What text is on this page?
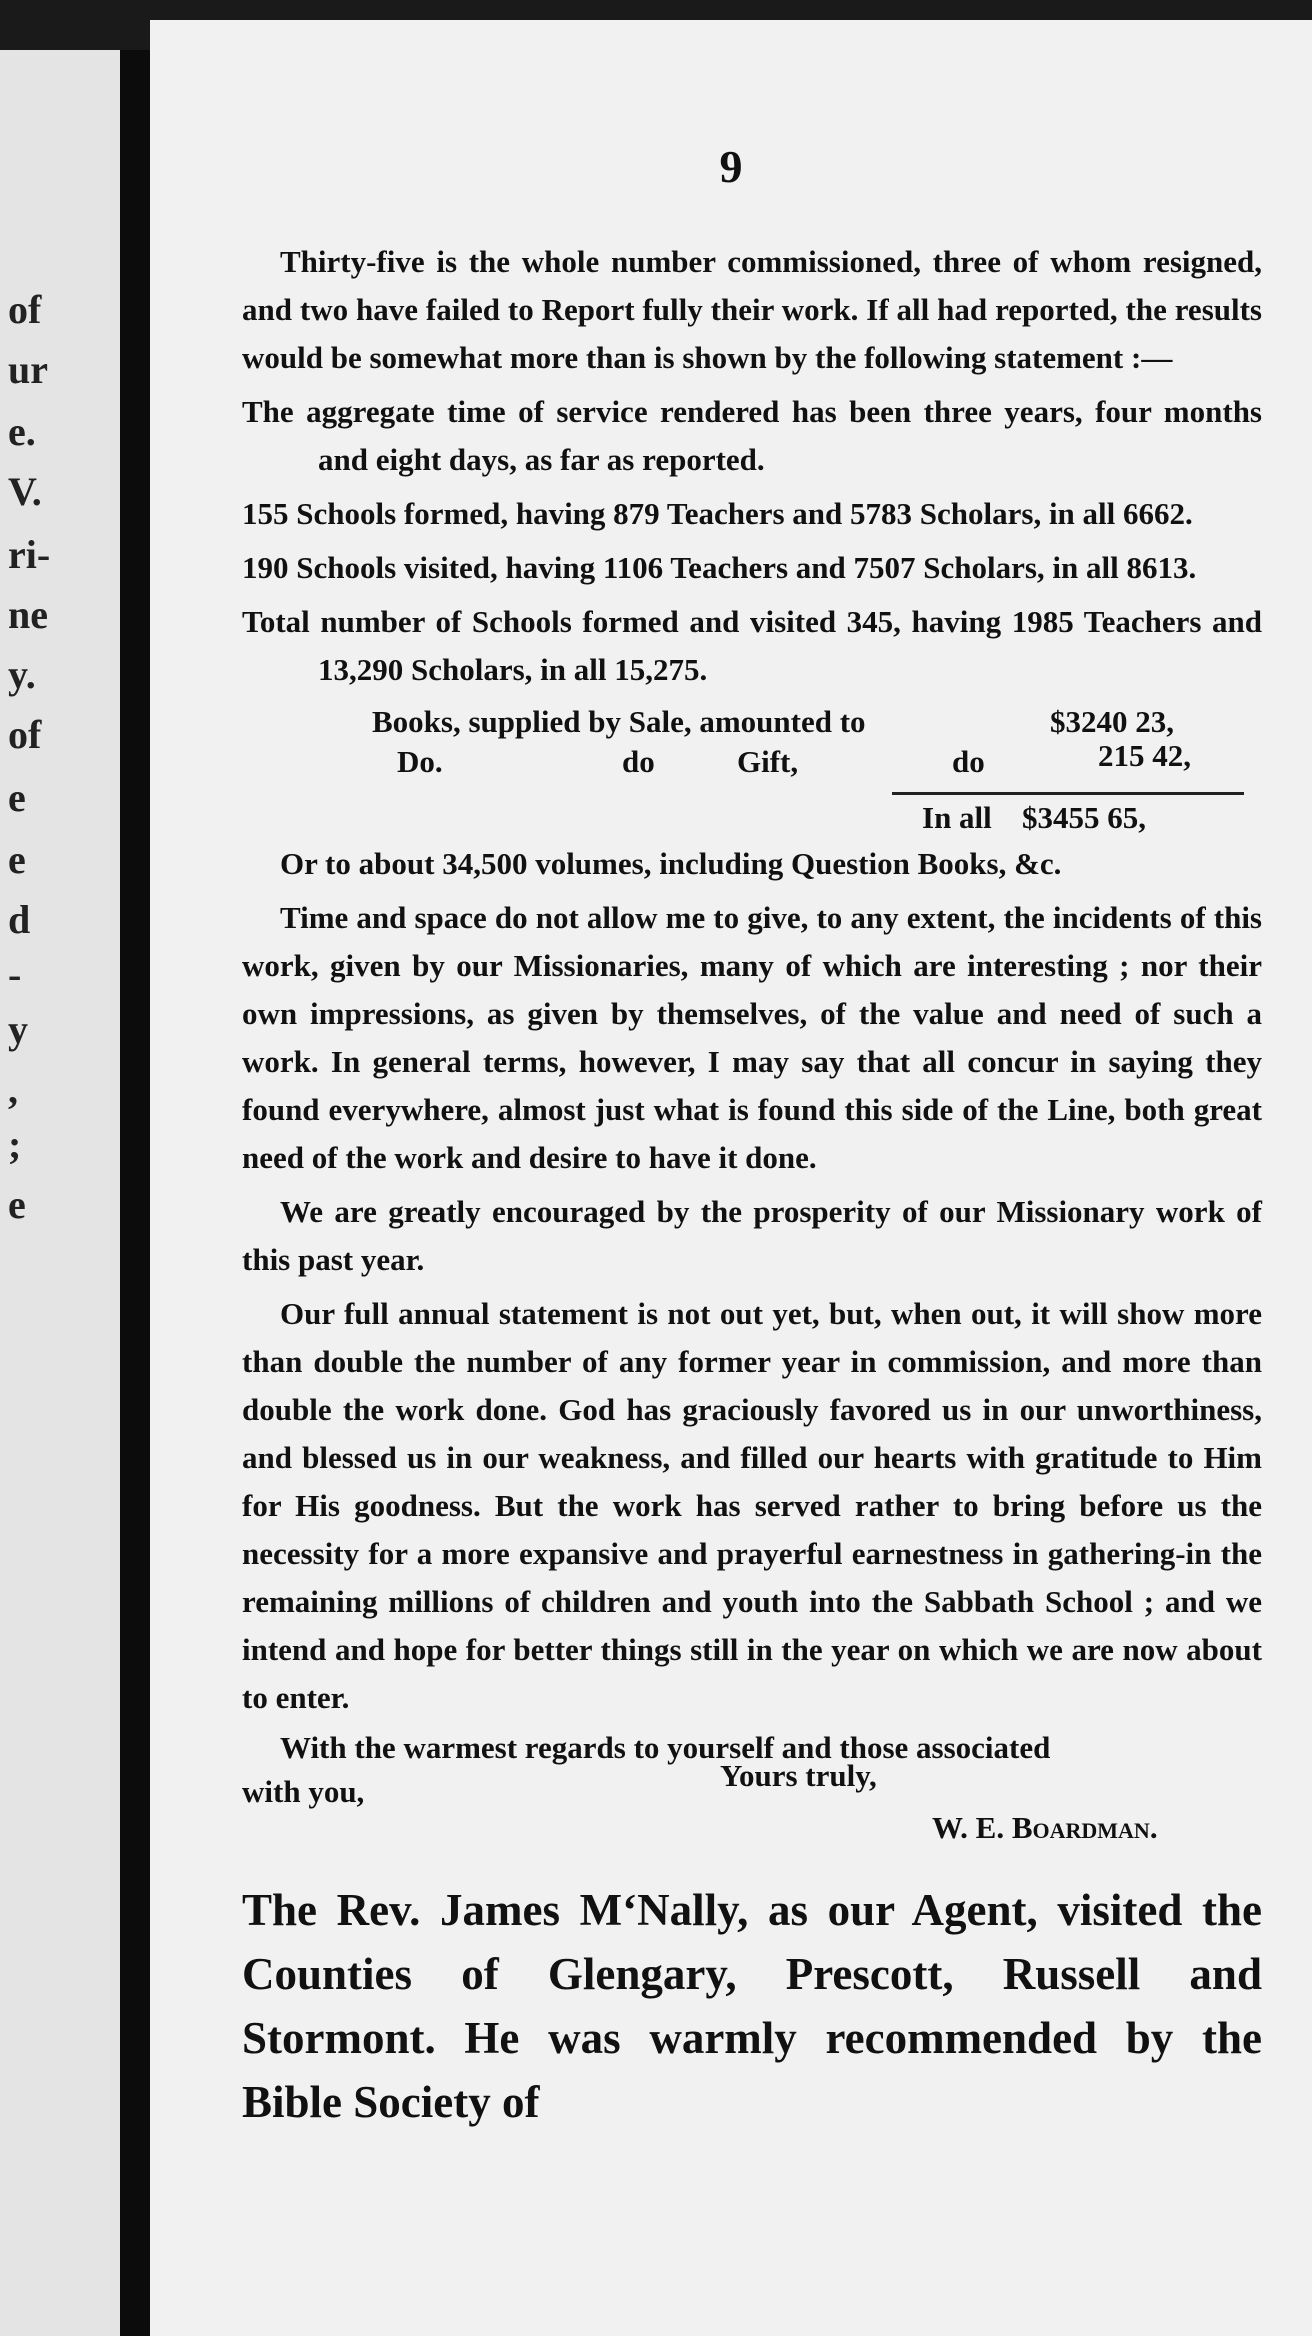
of
ur
e.
V.
ri-
ne
y.
of
e
e
d
-
y
,
;
e
9

Thirty-five is the whole number commissioned, three of whom resigned, and two have failed to Report fully their work. If all had reported, the results would be somewhat more than is shown by the following statement :—

The aggregate time of service rendered has been three years, four months and eight days, as far as reported.

155 Schools formed, having 879 Teachers and 5783 Scholars, in all 6662.

190 Schools visited, having 1106 Teachers and 7507 Scholars, in all 8613.

Total number of Schools formed and visited 345, having 1985 Teachers and 13,290 Scholars, in all 15,275.

Books, supplied by Sale, amounted to	$3240 23,
Do.	do	Gift,	do	215 42,
In all $3455 65,

Or to about 34,500 volumes, including Question Books, &c.

Time and space do not allow me to give, to any extent, the incidents of this work, given by our Missionaries, many of which are interesting ; nor their own impressions, as given by themselves, of the value and need of such a work. In general terms, however, I may say that all concur in saying they found everywhere, almost just what is found this side of the Line, both great need of the work and desire to have it done.

We are greatly encouraged by the prosperity of our Missionary work of this past year.

Our full annual statement is not out yet, but, when out, it will show more than double the number of any former year in commission, and more than double the work done. God has graciously favored us in our unworthiness, and blessed us in our weakness, and filled our hearts with gratitude to Him for His goodness. But the work has served rather to bring before us the necessity for a more expansive and prayerful earnestness in gathering-in the remaining millions of children and youth into the Sabbath School ; and we intend and hope for better things still in the year on which we are now about to enter.

With the warmest regards to yourself and those associated
with you,	Yours truly,
W. E. Boardman.

The Rev. James M‘Nally, as our Agent, visited the Counties of Glengary, Prescott, Russell and Stormont. He was warmly recommended by the Bible Society of
